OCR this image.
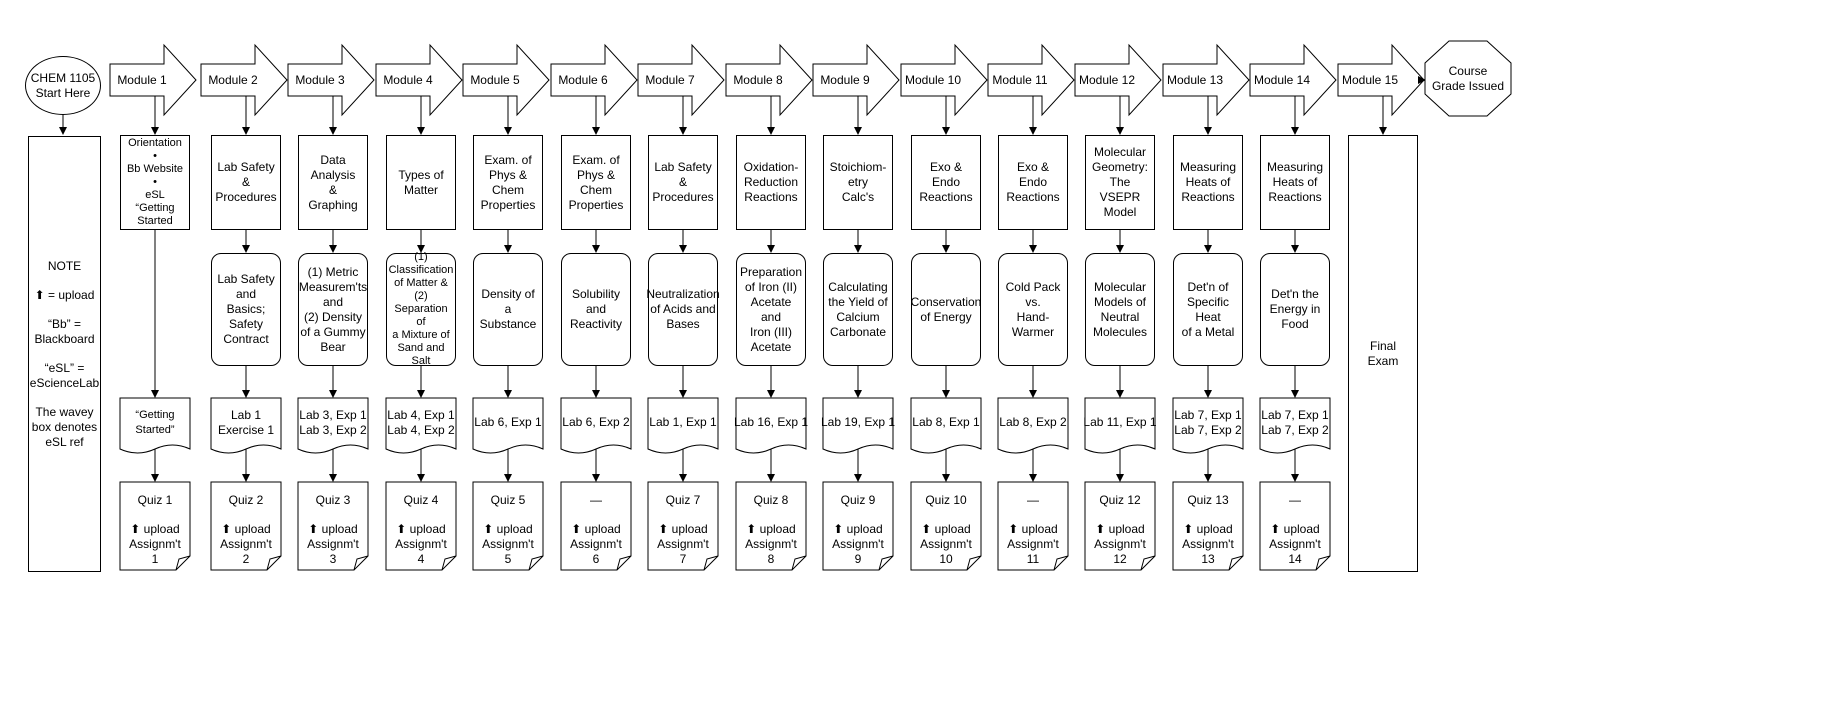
CHEM 1105
Start Here
Course
Grade Issued
NOTE
⬆ = upload
“Bb” =
Blackboard
“eSL” =
eScienceLab
The wavey
box denotes
eSL ref
Module 1
Orientation
•
Bb Website
•
eSL “Getting
Started
“Getting Started”
Quiz 1
⬆ upload
Assignm't
1
Module 2
Lab Safety &
Procedures
Lab Safety
and Basics;
Safety
Contract
Lab 1
Exercise 1
Quiz 2
⬆ upload
Assignm't
2
Module 3
Data Analysis
& Graphing
(1) Metric
Measurem'ts
and
(2) Density
of a Gummy
Bear
Lab 3, Exp 1
Lab 3, Exp 2
Quiz 3
⬆ upload
Assignm't
3
Module 4
Types of
Matter
(1)
Classification
of Matter &
(2)
Separation of
a Mixture of
Sand and
Salt
Lab 4, Exp 1
Lab 4, Exp 2
Quiz 4
⬆ upload
Assignm't
4
Module 5
Exam. of
Phys & Chem
Properties
Density of a
Substance
Lab 6, Exp 1
Quiz 5
⬆ upload
Assignm't
5
Module 6
Exam. of
Phys & Chem
Properties
Solubility and
Reactivity
Lab 6, Exp 2
—
⬆ upload
Assignm't
6
Module 7
Lab Safety &
Procedures
Neutralization
of Acids and
Bases
Lab 1, Exp 1
Quiz 7
⬆ upload
Assignm't
7
Module 8
Oxidation-
Reduction
Reactions
Preparation
of Iron (II)
Acetate and
Iron (III)
Acetate
Lab 16, Exp 1
Quiz 8
⬆ upload
Assignm't
8
Module 9
Stoichiom-
etry
Calc's
Calculating
the Yield of
Calcium
Carbonate
Lab 19, Exp 1
Quiz 9
⬆ upload
Assignm't
9
Module 10
Exo & Endo
Reactions
Conservation
of Energy
Lab 8, Exp 1
Quiz 10
⬆ upload
Assignm't
10
Module 11
Exo & Endo
Reactions
Cold Pack vs.
Hand-
Warmer
Lab 8, Exp 2
—
⬆ upload
Assignm't
11
Module 12
Molecular
Geometry:
The VSEPR
Model
Molecular
Models of
Neutral
Molecules
Lab 11, Exp 1
Quiz 12
⬆ upload
Assignm't
12
Module 13
Measuring
Heats of
Reactions
Det'n of
Specific Heat
of a Metal
Lab 7, Exp 1
Lab 7, Exp 2
Quiz 13
⬆ upload
Assignm't
13
Module 14
Measuring
Heats of
Reactions
Det'n the
Energy in
Food
Lab 7, Exp 1
Lab 7, Exp 2
—
⬆ upload
Assignm't
14
Module 15
Final Exam
